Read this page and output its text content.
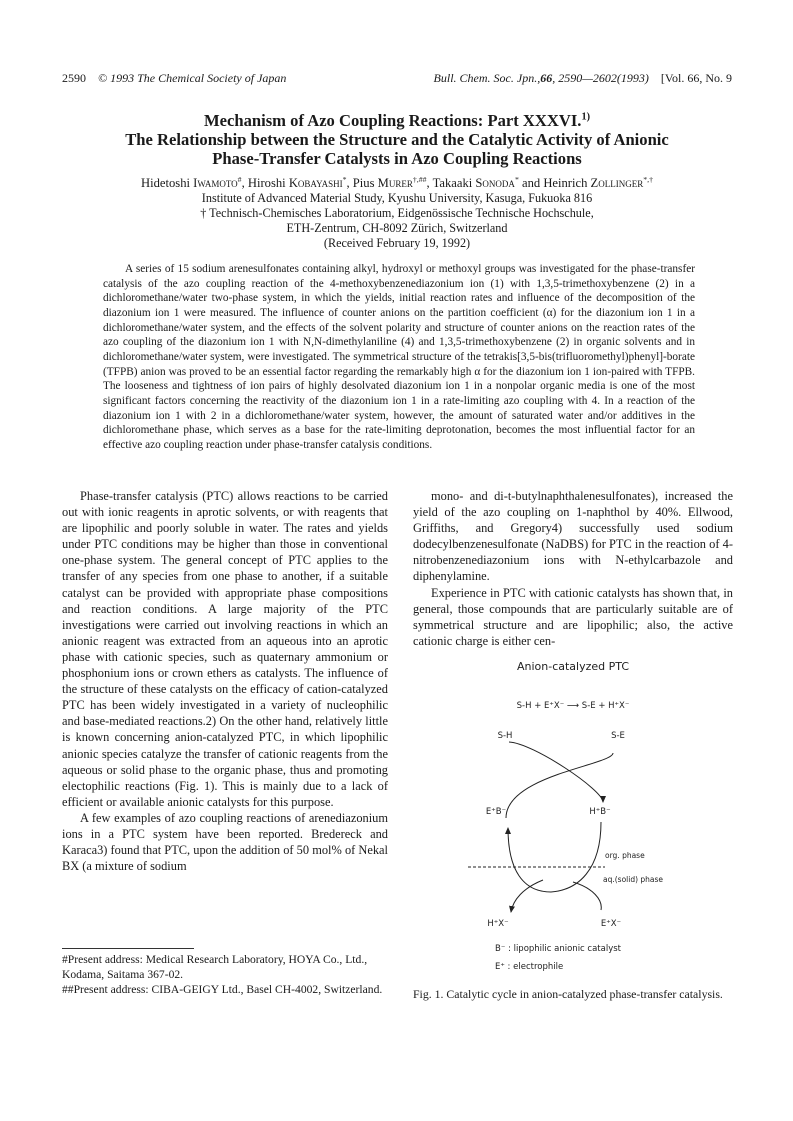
2590 © 1993 The Chemical Society of Japan	Bull. Chem. Soc. Jpn.,66, 2590—2602(1993) [Vol. 66, No. 9
Mechanism of Azo Coupling Reactions: Part XXXVI.$^{1)}$
The Relationship between the Structure and the Catalytic Activity of Anionic
Phase-Transfer Catalysts in Azo Coupling Reactions
Hidetoshi Iwamoto#, Hiroshi Kobayashi*, Pius Murer†,##, Takaaki Sonoda* and Heinrich Zollinger*,†
Institute of Advanced Material Study, Kyushu University, Kasuga, Fukuoka 816
† Technisch-Chemisches Laboratorium, Eidgenössische Technische Hochschule,
ETH-Zentrum, CH-8092 Zürich, Switzerland
(Received February 19, 1992)

A series of 15 sodium arenesulfonates containing alkyl, hydroxyl or methoxyl groups was investigated for the phase-transfer catalysis of the azo coupling reaction of the 4-methoxybenzenediazonium ion (1) with 1,3,5-trimethoxybenzene (2) in a dichloromethane/water two-phase system, in which the yields, initial reaction rates and influence of the decomposition of the diazonium ion 1 were measured. The influence of counter anions on the partition coefficient (α) for the diazonium ion 1 in a dichloromethane/water system, and the effects of the solvent polarity and structure of counter anions on the reaction rates of the azo coupling of the diazonium ion 1 with N,N-dimethylaniline (4) and 1,3,5-trimethoxybenzene (2) in organic solvents and in dichloromethane/water system, were investigated. The symmetrical structure of the tetrakis[3,5-bis(trifluoromethyl)phenyl]-borate (TFPB) anion was proved to be an essential factor regarding the remarkably high α for the diazonium ion 1 ion-paired with TFPB. The looseness and tightness of ion pairs of highly desolvated diazonium ion 1 in a nonpolar organic media is one of the most significant factors concerning the reactivity of the diazonium ion 1 in a rate-limiting azo coupling with 4. In a reaction of the diazonium ion 1 with 2 in a dichloromethane/water system, however, the amount of saturated water and/or additives in the dichloromethane phase, which serves as a base for the rate-limiting deprotonation, becomes the most influential factor for an effective azo coupling reaction under phase-transfer catalysis conditions.

Phase-transfer catalysis (PTC) allows reactions to be carried out with ionic reagents in aprotic solvents, or with reagents that are lipophilic and poorly soluble in water. The rates and yields under PTC conditions may be higher than those in conventional one-phase system. The general concept of PTC applies to the transfer of any species from one phase to another, if a suitable catalyst can be provided with appropriate phase compositions and reaction conditions. A large majority of the PTC investigations were carried out involving reactions in which an anionic reagent was extracted from an aqueous into an aprotic phase with cationic species, such as quaternary ammonium or phosphonium ions or crown ethers as catalysts. The influence of the structure of these catalysts on the efficacy of cation-catalyzed PTC has been widely investigated in a variety of nucleophilic and base-mediated reactions.2) On the other hand, relatively little is known concerning anion-catalyzed PTC, in which lipophilic anionic species catalyze the transfer of cationic reagents from the aqueous or solid phase to the organic phase, thus and promoting electophilic reactions (Fig. 1). This is mainly due to a lack of efficient or available anionic catalysts for this purpose.

A few examples of azo coupling reactions of arenediazonium ions in a PTC system have been reported. Bredereck and Karaca3) found that PTC, upon the addition of 50 mol% of Nekal BX (a mixture of sodium

mono- and di-t-butylnaphthalenesulfonates), increased the yield of the azo coupling on 1-naphthol by 40%. Ellwood, Griffiths, and Gregory4) successfully used sodium dodecylbenzenesulfonate (NaDBS) for PTC in the reaction of 4-nitrobenzenediazonium ions with N-ethylcarbazole and diphenylamine.

Experience in PTC with cationic catalysts has shown that, in general, those compounds that are particularly suitable are of symmetrical structure and are lipophilic; also, the active cationic charge is either cen-

#Present address: Medical Research Laboratory, HOYA Co., Ltd., Kodama, Saitama 367-02.

##Present address: CIBA-GEIGY Ltd., Basel CH-4002, Switzerland.

Anion-catalyzed PTC
S-H + E⁺X⁻ ⟶ S-E + H⁺X⁻
S-H	S-E
E⁺B⁻	H⁺B⁻
org. phase
aq.(solid) phase
H⁺X⁻	E⁺X⁻
B⁻ : lipophilic anionic catalyst
E⁺ : electrophile

Fig. 1. Catalytic cycle in anion-catalyzed phase-transfer catalysis.
